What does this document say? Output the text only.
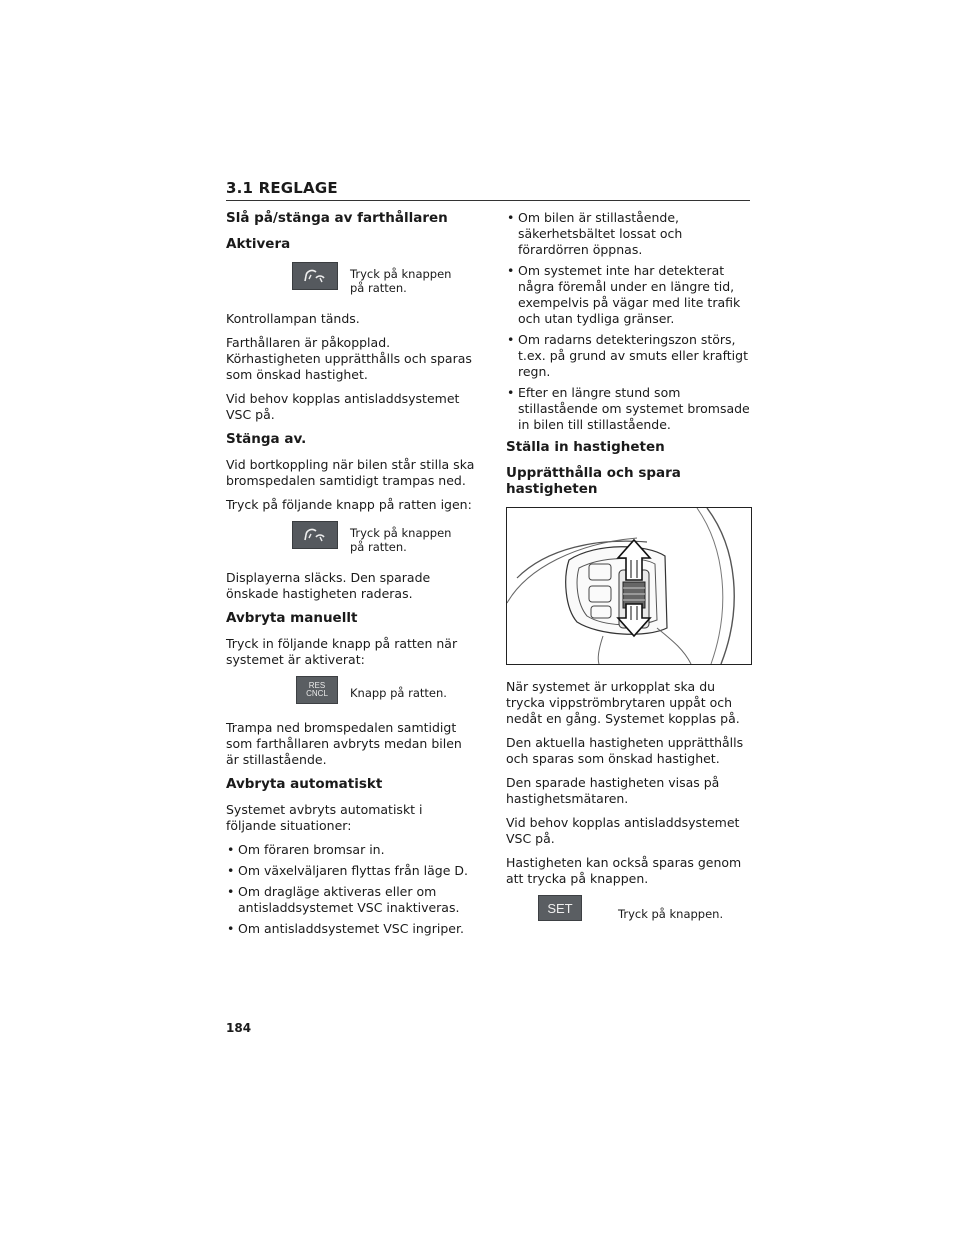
3.1 REGLAGE
Slå på/stänga av farthållaren
Aktivera
Tryck på knappen på ratten.

Kontrollampan tänds.

Farthållaren är påkopplad. Körhastigheten upprätthålls och sparas som önskad hastighet.

Vid behov kopplas antisladdsystemet VSC på.

Stänga av.

Vid bortkoppling när bilen står stilla ska bromspedalen samtidigt trampas ned.

Tryck på följande knapp på ratten igen:

Tryck på knappen på ratten.

Displayerna släcks. Den sparade önskade hastigheten raderas.

Avbryta manuellt

Tryck in följande knapp på ratten när systemet är aktiverat:

RES
CNCL	Knapp på ratten.

Trampa ned bromspedalen samtidigt som farthållaren avbryts medan bilen är stillastående.

Avbryta automatiskt

Systemet avbryts automatiskt i följande situationer:

• Om föraren bromsar in.
• Om växelväljaren flyttas från läge D.
• Om dragläge aktiveras eller om antisladdsystemet VSC inaktiveras.
• Om antisladdsystemet VSC ingriper.
• Om bilen är stillastående, säkerhetsbältet lossat och förardörren öppnas.
• Om systemet inte har detekterat några föremål under en längre tid, exempelvis på vägar med lite trafik och utan tydliga gränser.
• Om radarns detekteringszon störs, t.ex. på grund av smuts eller kraftigt regn.
• Efter en längre stund som stillastående om systemet bromsade in bilen till stillastående.
Ställa in hastigheten
Upprätthålla och spara hastigheten

När systemet är urkopplat ska du trycka vippströmbrytaren uppåt och nedåt en gång. Systemet kopplas på.

Den aktuella hastigheten upprätthålls och sparas som önskad hastighet.

Den sparade hastigheten visas på hastighetsmätaren.

Vid behov kopplas antisladdsystemet VSC på.

Hastigheten kan också sparas genom att trycka på knappen.

SET	Tryck på knappen.
184
